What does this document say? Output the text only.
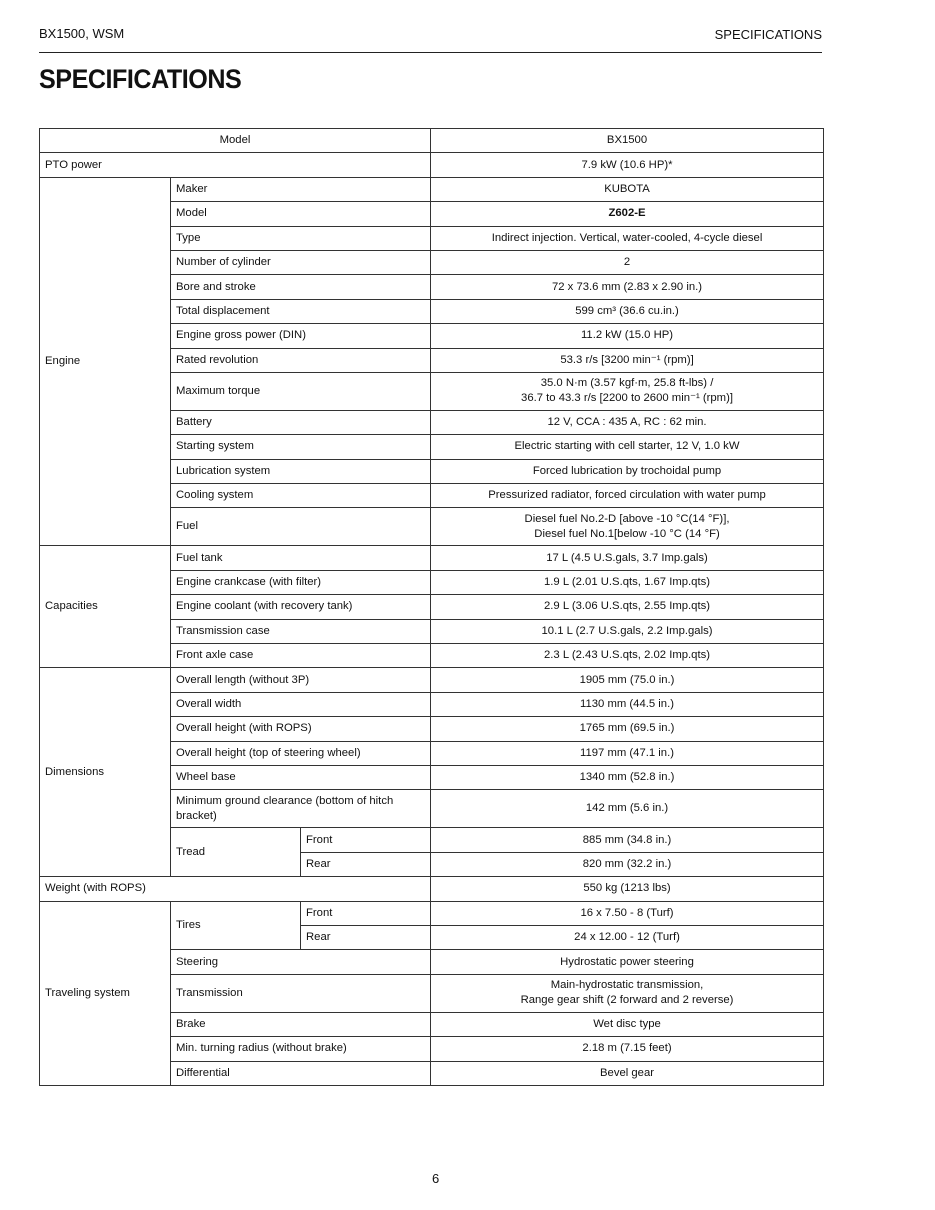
BX1500, WSM	SPECIFICATIONS
SPECIFICATIONS
Model			BX1500
PTO power			7.9 kW (10.6 HP)*
Engine	Maker		KUBOTA
	Model		Z602-E
	Type		Indirect injection. Vertical, water-cooled, 4-cycle diesel
	Number of cylinder		2
	Bore and stroke		72 x 73.6 mm (2.83 x 2.90 in.)
	Total displacement		599 cm³ (36.6 cu.in.)
	Engine gross power (DIN)		11.2 kW (15.0 HP)
	Rated revolution		53.3 r/s [3200 min⁻¹ (rpm)]
	Maximum torque		35.0 N·m (3.57 kgf·m, 25.8 ft-lbs) /
36.7 to 43.3 r/s [2200 to 2600 min⁻¹ (rpm)]

	Battery		12 V, CCA : 435 A, RC : 62 min.
	Starting system		Electric starting with cell starter, 12 V, 1.0 kW
	Lubrication system		Forced lubrication by trochoidal pump
	Cooling system		Pressurized radiator, forced circulation with water pump
	Fuel		Diesel fuel No.2-D [above -10 °C(14 °F)],
Diesel fuel No.1[below -10 °C (14 °F)

Capacities	Fuel tank		17 L (4.5 U.S.gals, 3.7 Imp.gals)
	Engine crankcase (with filter)		1.9 L (2.01 U.S.qts, 1.67 Imp.qts)
	Engine coolant (with recovery tank)		2.9 L (3.06 U.S.qts, 2.55 Imp.qts)
	Transmission case		10.1 L (2.7 U.S.gals, 2.2 Imp.gals)
	Front axle case		2.3 L (2.43 U.S.qts, 2.02 Imp.qts)
Dimensions	Overall length (without 3P)		1905 mm (75.0 in.)
	Overall width		1130 mm (44.5 in.)
	Overall height (with ROPS)		1765 mm (69.5 in.)
	Overall height (top of steering wheel)		1197 mm (47.1 in.)
	Wheel base		1340 mm (52.8 in.)
	Minimum ground clearance (bottom of hitch bracket)		142 mm (5.6 in.)
	Tread	Front	885 mm (34.8 in.)
		Rear	820 mm (32.2 in.)
Weight (with ROPS)			550 kg (1213 lbs)
Traveling system	Tires	Front	16 x 7.50 - 8 (Turf)
		Rear	24 x 12.00 - 12 (Turf)
	Steering		Hydrostatic power steering
	Transmission		Main-hydrostatic transmission,
Range gear shift (2 forward and 2 reverse)

	Brake		Wet disc type
	Min. turning radius (without brake)		2.18 m (7.15 feet)
	Differential		Bevel gear
6
